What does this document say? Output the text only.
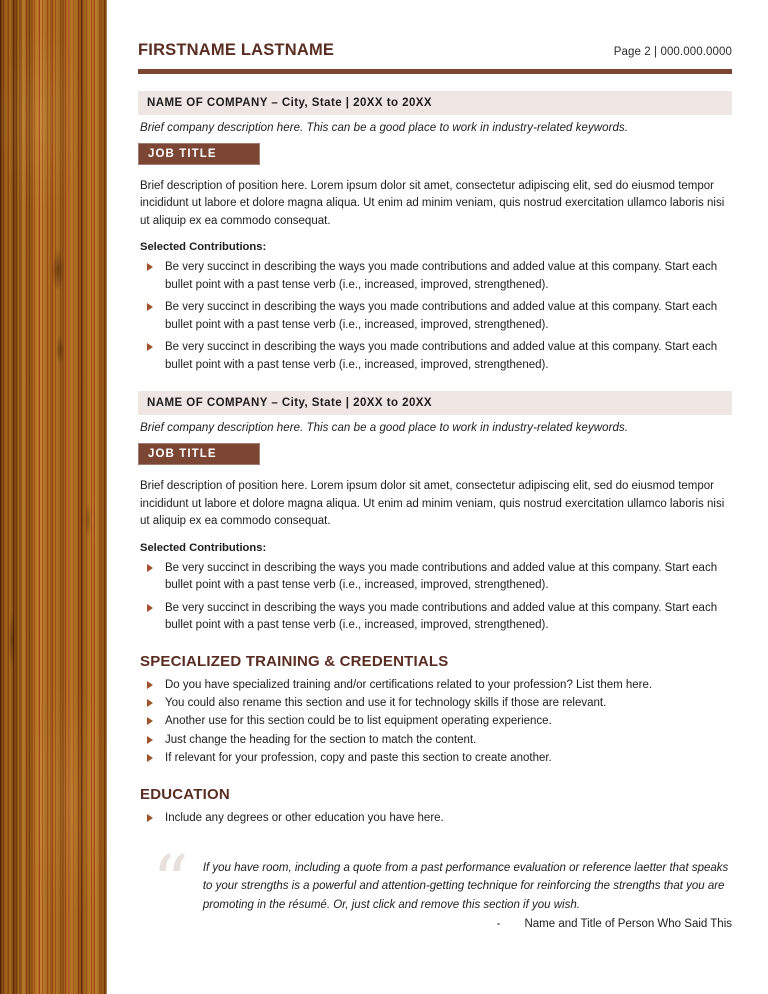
FIRSTNAME LASTNAME	Page 2 | 000.000.0000
NAME OF COMPANY – City, State | 20XX to 20XX
Brief company description here. This can be a good place to work in industry-related keywords.
JOB TITLE
Brief description of position here. Lorem ipsum dolor sit amet, consectetur adipiscing elit, sed do eiusmod tempor incididunt ut labore et dolore magna aliqua. Ut enim ad minim veniam, quis nostrud exercitation ullamco laboris nisi ut aliquip ex ea commodo consequat.
Selected Contributions:
Be very succinct in describing the ways you made contributions and added value at this company. Start each bullet point with a past tense verb (i.e., increased, improved, strengthened).
Be very succinct in describing the ways you made contributions and added value at this company. Start each bullet point with a past tense verb (i.e., increased, improved, strengthened).
Be very succinct in describing the ways you made contributions and added value at this company. Start each bullet point with a past tense verb (i.e., increased, improved, strengthened).
NAME OF COMPANY – City, State | 20XX to 20XX
Brief company description here. This can be a good place to work in industry-related keywords.
JOB TITLE
Brief description of position here. Lorem ipsum dolor sit amet, consectetur adipiscing elit, sed do eiusmod tempor incididunt ut labore et dolore magna aliqua. Ut enim ad minim veniam, quis nostrud exercitation ullamco laboris nisi ut aliquip ex ea commodo consequat.
Selected Contributions:
Be very succinct in describing the ways you made contributions and added value at this company. Start each bullet point with a past tense verb (i.e., increased, improved, strengthened).
Be very succinct in describing the ways you made contributions and added value at this company. Start each bullet point with a past tense verb (i.e., increased, improved, strengthened).
SPECIALIZED TRAINING & CREDENTIALS
Do you have specialized training and/or certifications related to your profession? List them here.
You could also rename this section and use it for technology skills if those are relevant.
Another use for this section could be to list equipment operating experience.
Just change the heading for the section to match the content.
If relevant for your profession, copy and paste this section to create another.
EDUCATION
Include any degrees or other education you have here.
“ If you have room, including a quote from a past performance evaluation or reference laetter that speaks to your strengths is a powerful and attention-getting technique for reinforcing the strengths that you are promoting in the résumé. Or, just click and remove this section if you wish.
- Name and Title of Person Who Said This
